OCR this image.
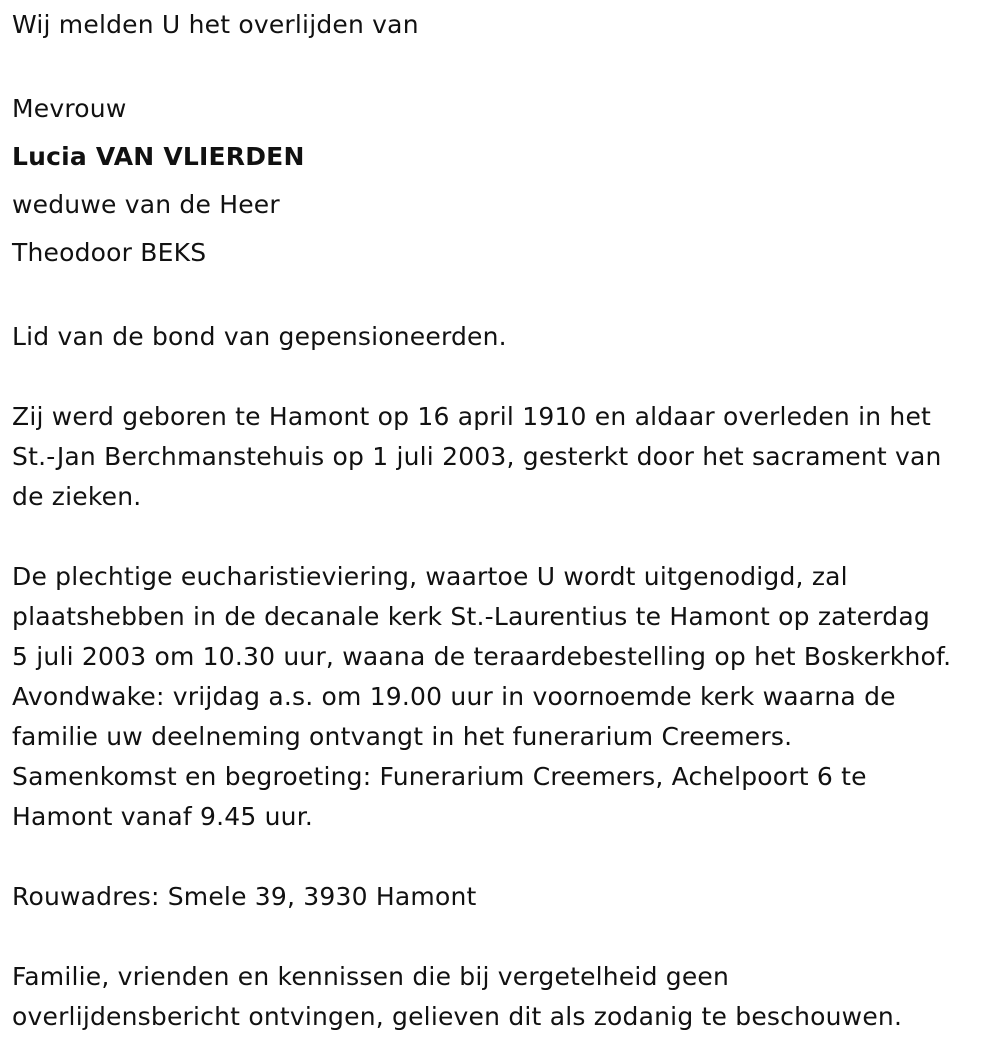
Wij melden U het overlijden van
Mevrouw
Lucia VAN VLIERDEN
weduwe van de Heer
Theodoor BEKS
Lid van de bond van gepensioneerden.
Zij werd geboren te Hamont op 16 april 1910 en aldaar overleden in het
St.-Jan Berchmanstehuis op 1 juli 2003, gesterkt door het sacrament van
de zieken.
De plechtige eucharistieviering, waartoe U wordt uitgenodigd, zal
plaatshebben in de decanale kerk St.-Laurentius te Hamont op zaterdag
5 juli 2003 om 10.30 uur, waana de teraardebestelling op het Boskerkhof.
Avondwake: vrijdag a.s. om 19.00 uur in voornoemde kerk waarna de
familie uw deelneming ontvangt in het funerarium Creemers.
Samenkomst en begroeting: Funerarium Creemers, Achelpoort 6 te
Hamont vanaf 9.45 uur.
Rouwadres: Smele 39, 3930 Hamont
Familie, vrienden en kennissen die bij vergetelheid geen
overlijdensbericht ontvingen, gelieven dit als zodanig te beschouwen.
